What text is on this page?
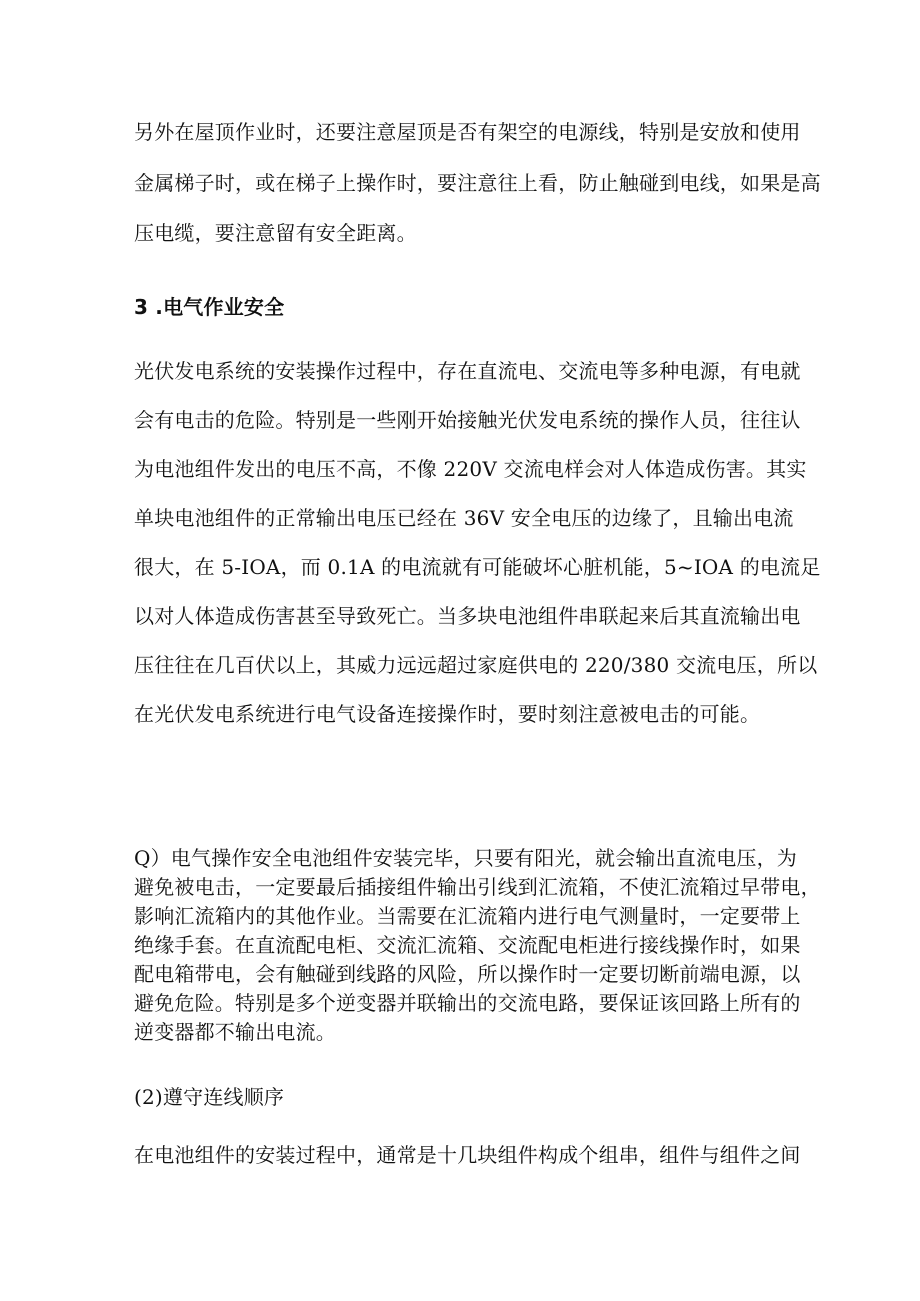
另外在屋顶作业时，还要注意屋顶是否有架空的电源线，特别是安放和使用
金属梯子时，或在梯子上操作时，要注意往上看，防止触碰到电线，如果是高
压电缆，要注意留有安全距离。
3 .电气作业安全
光伏发电系统的安装操作过程中，存在直流电、交流电等多种电源，有电就
会有电击的危险。特别是一些刚开始接触光伏发电系统的操作人员，往往认
为电池组件发出的电压不高，不像 220V 交流电样会对人体造成伤害。其实
单块电池组件的正常输出电压已经在 36V 安全电压的边缘了，且输出电流
很大，在 5-IOA，而 0.1A 的电流就有可能破坏心脏机能，5~IOA 的电流足
以对人体造成伤害甚至导致死亡。当多块电池组件串联起来后其直流输出电
压往往在几百伏以上，其威力远远超过家庭供电的 220/380 交流电压，所以
在光伏发电系统进行电气设备连接操作时，要时刻注意被电击的可能。
Q）电气操作安全电池组件安装完毕，只要有阳光，就会输出直流电压，为
避免被电击，一定要最后插接组件输出引线到汇流箱，不使汇流箱过早带电，
影响汇流箱内的其他作业。当需要在汇流箱内进行电气测量时，一定要带上
绝缘手套。在直流配电柜、交流汇流箱、交流配电柜进行接线操作时，如果
配电箱带电，会有触碰到线路的风险，所以操作时一定要切断前端电源，以
避免危险。特别是多个逆变器并联输出的交流电路，要保证该回路上所有的
逆变器都不输出电流。
(2)遵守连线顺序
在电池组件的安装过程中，通常是十几块组件构成个组串，组件与组件之间
